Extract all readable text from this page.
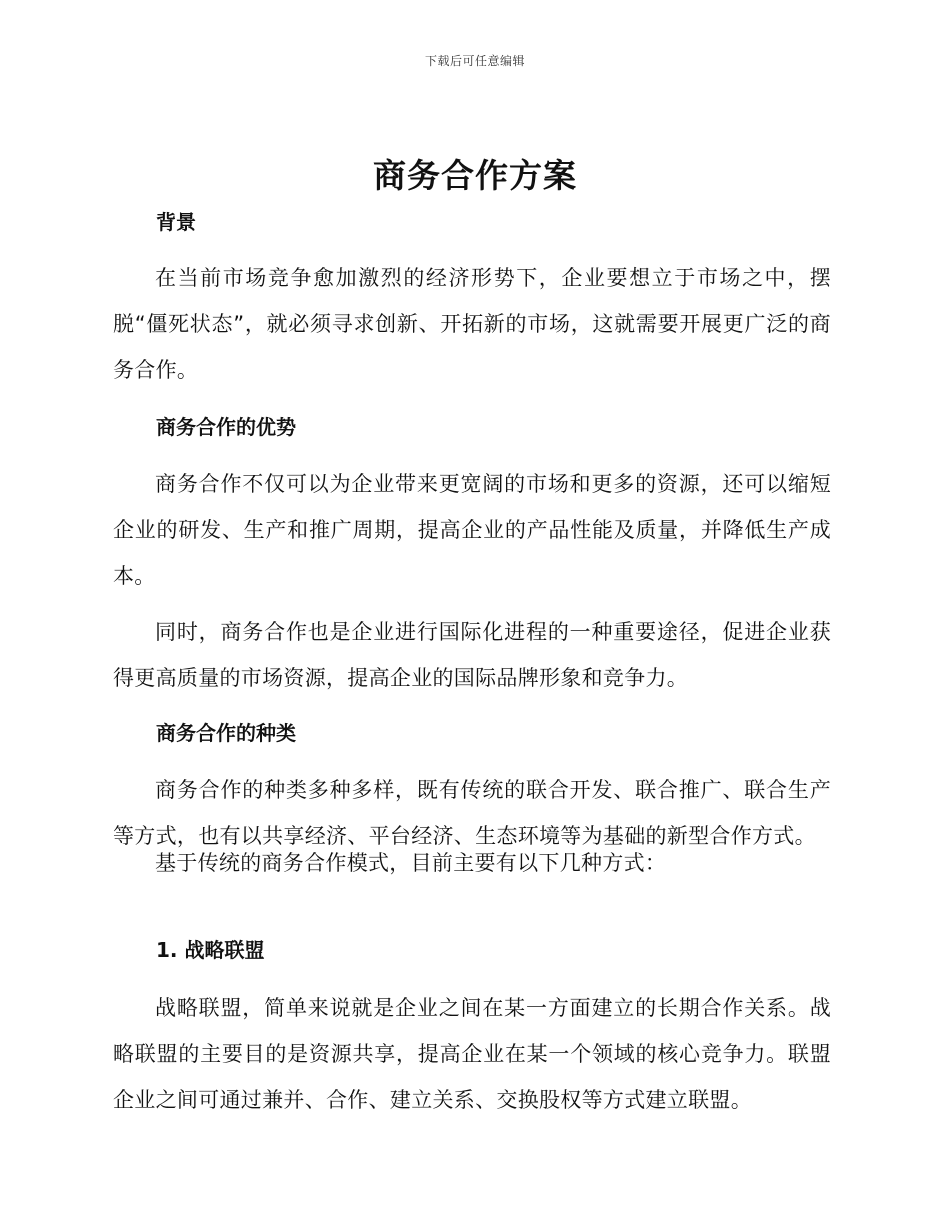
下载后可任意编辑
商务合作方案
背景

在当前市场竞争愈加激烈的经济形势下，企业要想立于市场之中，摆脱“僵死状态”，就必须寻求创新、开拓新的市场，这就需要开展更广泛的商务合作。

商务合作的优势

商务合作不仅可以为企业带来更宽阔的市场和更多的资源，还可以缩短企业的研发、生产和推广周期，提高企业的产品性能及质量，并降低生产成本。

同时，商务合作也是企业进行国际化进程的一种重要途径，促进企业获得更高质量的市场资源，提高企业的国际品牌形象和竞争力。

商务合作的种类

商务合作的种类多种多样，既有传统的联合开发、联合推广、联合生产等方式，也有以共享经济、平台经济、生态环境等为基础的新型合作方式。

基于传统的商务合作模式，目前主要有以下几种方式：

1. 战略联盟

战略联盟，简单来说就是企业之间在某一方面建立的长期合作关系。战略联盟的主要目的是资源共享，提高企业在某一个领域的核心竞争力。联盟企业之间可通过兼并、合作、建立关系、交换股权等方式建立联盟。
